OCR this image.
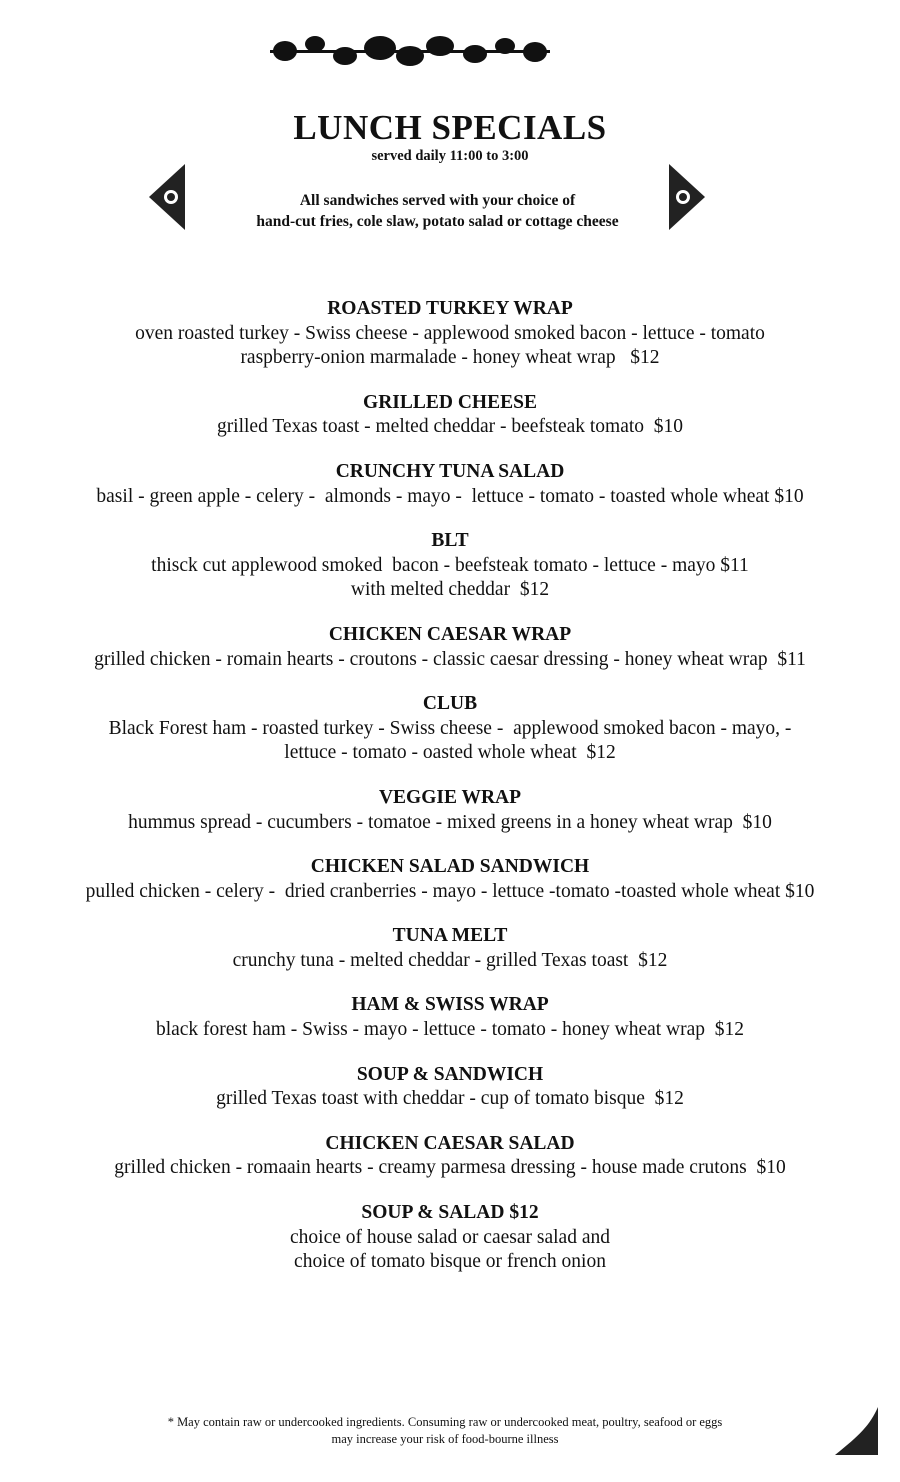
LUNCH SPECIALS
served daily 11:00 to 3:00
All sandwiches served with your choice of
hand-cut fries, cole slaw, potato salad or cottage cheese
ROASTED TURKEY WRAP
oven roasted turkey - Swiss cheese - applewood smoked bacon - lettuce - tomato
raspberry-onion marmalade - honey wheat wrap   $12
GRILLED CHEESE
grilled Texas toast - melted cheddar - beefsteak tomato  $10
CRUNCHY TUNA SALAD
basil - green apple - celery -  almonds - mayo -  lettuce - tomato - toasted whole wheat $10
BLT
thisck cut applewood smoked  bacon - beefsteak tomato - lettuce - mayo $11
with melted cheddar  $12
CHICKEN CAESAR WRAP
grilled chicken - romain hearts - croutons - classic caesar dressing - honey wheat wrap  $11
CLUB
Black Forest ham - roasted turkey - Swiss cheese -  applewood smoked bacon - mayo, -
lettuce - tomato - oasted whole wheat  $12
VEGGIE WRAP
hummus spread - cucumbers - tomatoe - mixed greens in a honey wheat wrap  $10
CHICKEN SALAD SANDWICH
pulled chicken - celery -  dried cranberries - mayo - lettuce -tomato -toasted whole wheat $10
TUNA MELT
crunchy tuna - melted cheddar - grilled Texas toast  $12
HAM & SWISS WRAP
black forest ham - Swiss - mayo - lettuce - tomato - honey wheat wrap  $12
SOUP & SANDWICH
grilled Texas toast with cheddar - cup of tomato bisque  $12
CHICKEN CAESAR SALAD
grilled chicken - romaain hearts - creamy parmesa dressing - house made crutons  $10
SOUP & SALAD $12
choice of house salad or caesar salad and
choice of tomato bisque or french onion
sirved
* May contain raw or undercooked ingredients. Consuming raw or undercooked meat, poultry, seafood or eggs
may increase your risk of food-bourne illness
